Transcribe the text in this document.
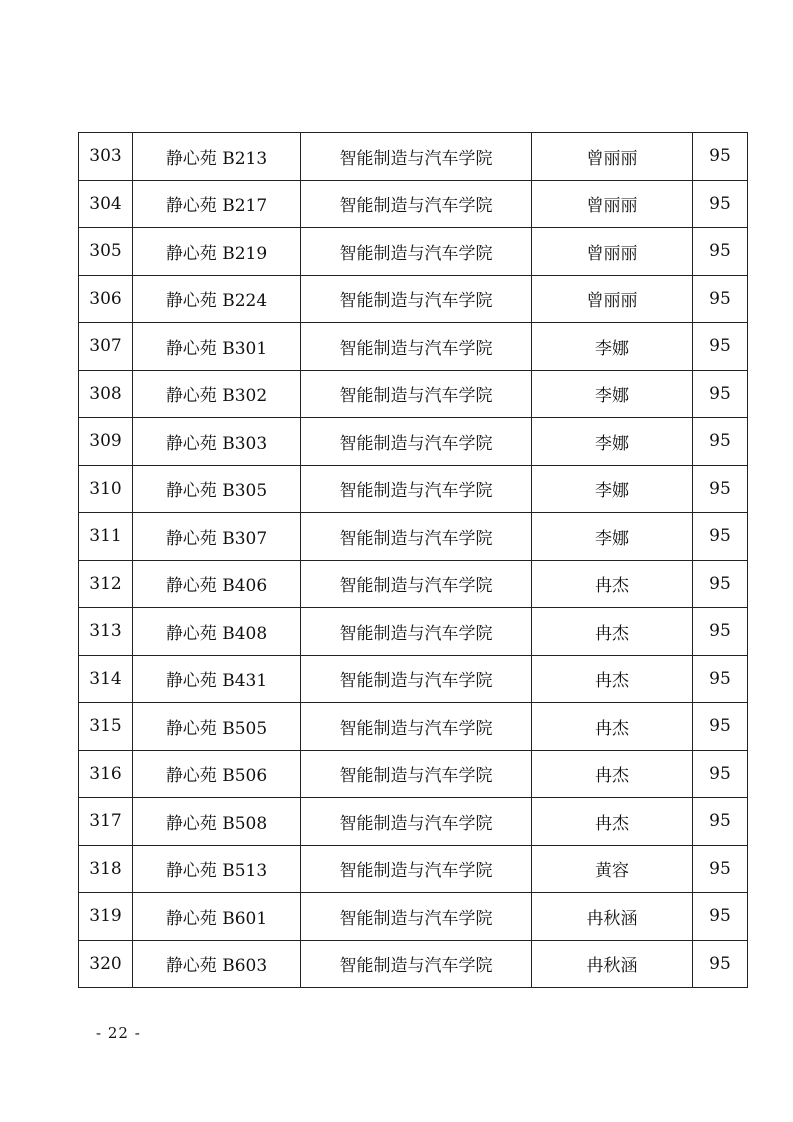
303	静心苑 B213	智能制造与汽车学院	曾丽丽	95
304	静心苑 B217	智能制造与汽车学院	曾丽丽	95
305	静心苑 B219	智能制造与汽车学院	曾丽丽	95
306	静心苑 B224	智能制造与汽车学院	曾丽丽	95
307	静心苑 B301	智能制造与汽车学院	李娜	95
308	静心苑 B302	智能制造与汽车学院	李娜	95
309	静心苑 B303	智能制造与汽车学院	李娜	95
310	静心苑 B305	智能制造与汽车学院	李娜	95
311	静心苑 B307	智能制造与汽车学院	李娜	95
312	静心苑 B406	智能制造与汽车学院	冉杰	95
313	静心苑 B408	智能制造与汽车学院	冉杰	95
314	静心苑 B431	智能制造与汽车学院	冉杰	95
315	静心苑 B505	智能制造与汽车学院	冉杰	95
316	静心苑 B506	智能制造与汽车学院	冉杰	95
317	静心苑 B508	智能制造与汽车学院	冉杰	95
318	静心苑 B513	智能制造与汽车学院	黄容	95
319	静心苑 B601	智能制造与汽车学院	冉秋涵	95
320	静心苑 B603	智能制造与汽车学院	冉秋涵	95
- 22 -
